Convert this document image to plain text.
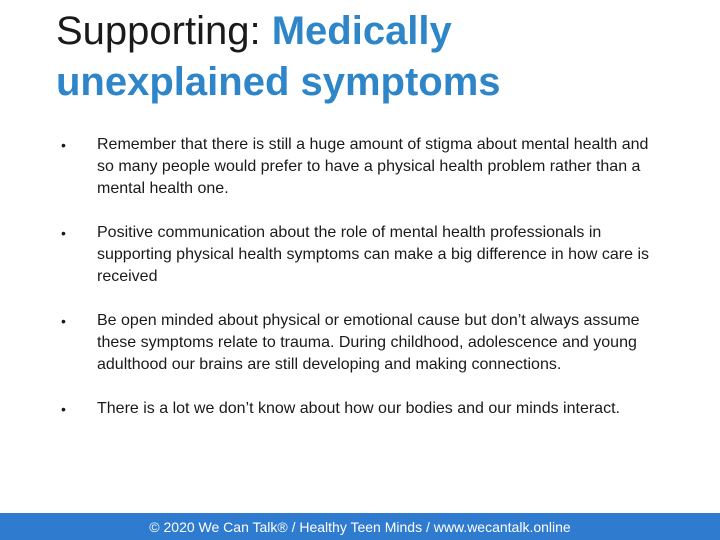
Supporting: Medically
unexplained symptoms
• Remember that there is still a huge amount of stigma about mental health and so many people would prefer to have a physical health problem rather than a mental health one.
• Positive communication about the role of mental health professionals in supporting physical health symptoms can make a big difference in how care is received
• Be open minded about physical or emotional cause but don’t always assume these symptoms relate to trauma. During childhood, adolescence and young adulthood our brains are still developing and making connections.
• There is a lot we don’t know about how our bodies and our minds interact.
© 2020 We Can Talk® / Healthy Teen Minds / www.wecantalk.online
